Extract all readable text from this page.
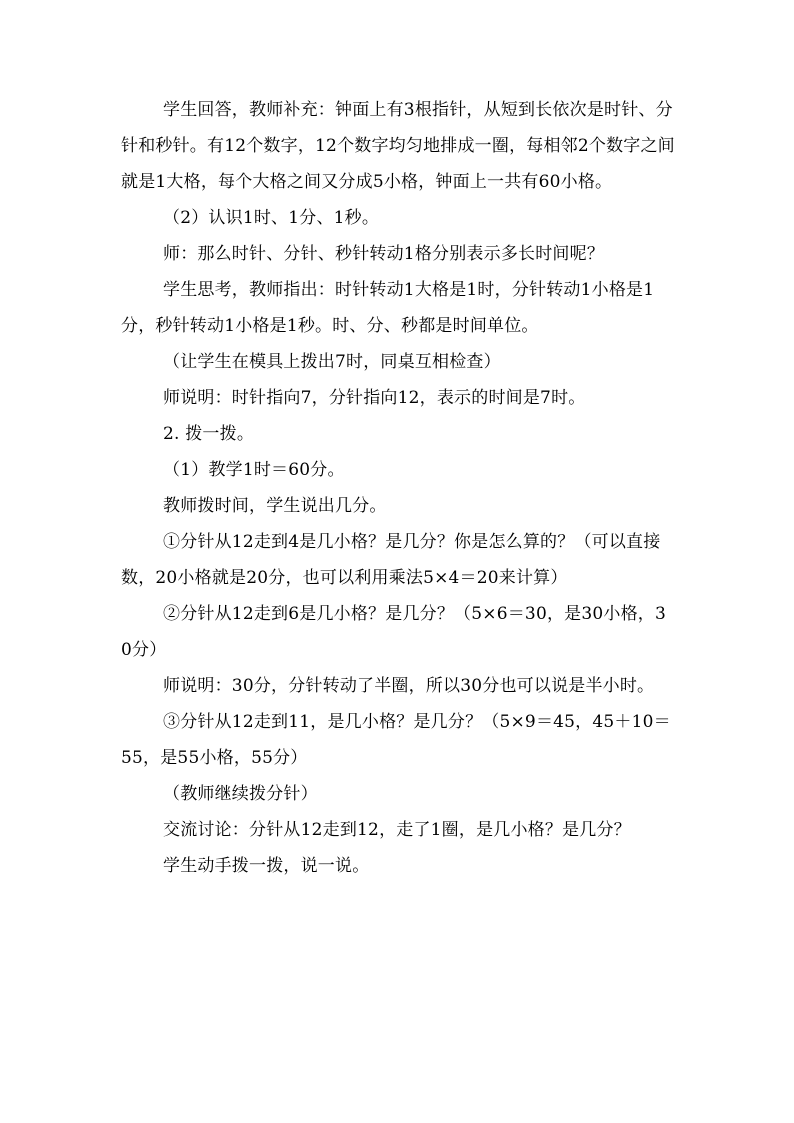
学生回答，教师补充：钟面上有3根指针，从短到长依次是时针、分针和秒针。有12个数字，12个数字均匀地排成一圈，每相邻2个数字之间就是1大格，每个大格之间又分成5小格，钟面上一共有60小格。

（2）认识1时、1分、1秒。

师：那么时针、分针、秒针转动1格分别表示多长时间呢？

学生思考，教师指出：时针转动1大格是1时，分针转动1小格是1分，秒针转动1小格是1秒。时、分、秒都是时间单位。

（让学生在模具上拨出7时，同桌互相检查）

师说明：时针指向7，分针指向12，表示的时间是7时。

2. 拨一拨。

（1）教学1时＝60分。

教师拨时间，学生说出几分。

①分针从12走到4是几小格？是几分？你是怎么算的？（可以直接数，20小格就是20分，也可以利用乘法5×4＝20来计算）

②分针从12走到6是几小格？是几分？（5×6＝30，是30小格，30分）

师说明：30分，分针转动了半圈，所以30分也可以说是半小时。

③分针从12走到11，是几小格？是几分？（5×9＝45，45＋10＝55，是55小格，55分）

（教师继续拨分针）

交流讨论：分针从12走到12，走了1圈，是几小格？是几分？

学生动手拨一拨，说一说。
